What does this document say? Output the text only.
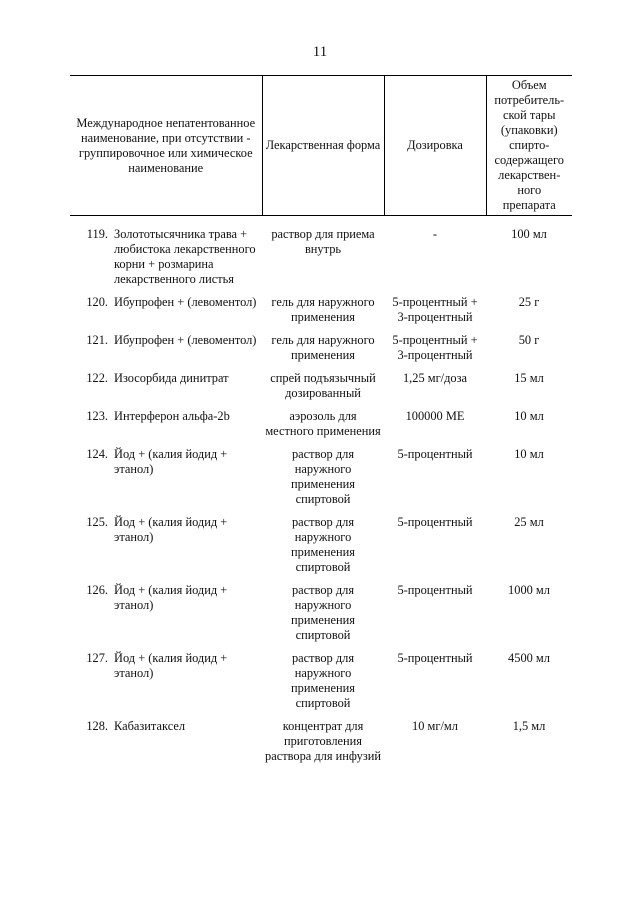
11
Международное непатентованное наименование, при отсутствии - группировочное или химическое наименование	Лекарственная форма	Дозировка	Объем потребитель-ской тары (упаковки) спирто-содержащего лекарствен-ного препарата

119. Золототысячника трава + любистока лекарственного корни + розмарина лекарственного листья	раствор для приема внутрь	-	100 мл

120. Ибупрофен + (левоментол)	гель для наружного применения	5-процентный + 3-процентный	25 г

121. Ибупрофен + (левоментол)	гель для наружного применения	5-процентный + 3-процентный	50 г

122. Изосорбида динитрат	спрей подъязычный дозированный	1,25 мг/доза	15 мл

123. Интерферон альфа-2b	аэрозоль для местного применения	100000 МЕ	10 мл

124. Йод + (калия йодид + этанол)	раствор для наружного применения спиртовой	5-процентный	10 мл

125. Йод + (калия йодид + этанол)	раствор для наружного применения спиртовой	5-процентный	25 мл

126. Йод + (калия йодид + этанол)	раствор для наружного применения спиртовой	5-процентный	1000 мл

127. Йод + (калия йодид + этанол)	раствор для наружного применения спиртовой	5-процентный	4500 мл

128. Кабазитаксел	концентрат для приготовления раствора для инфузий	10 мг/мл	1,5 мл
